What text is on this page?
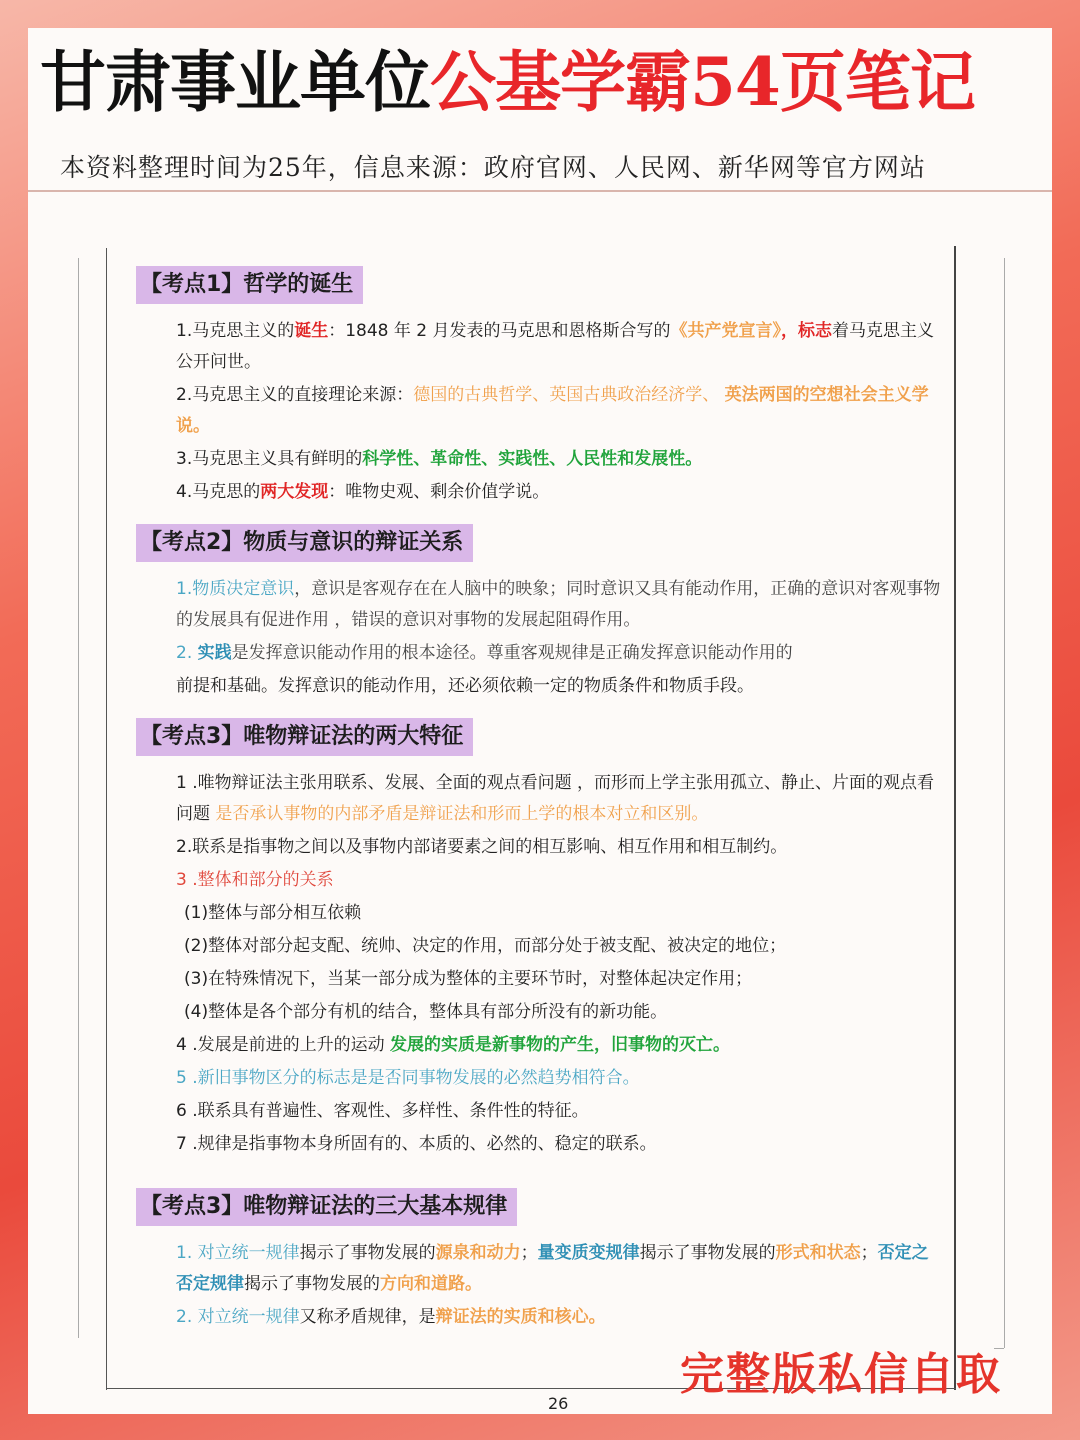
甘肃事业单位公基学霸54页笔记

本资料整理时间为25年，信息来源：政府官网、人民网、新华网等官方网站

【考点1】哲学的诞生

1.马克思主义的诞生：1848 年 2 月发表的马克思和恩格斯合写的《共产党宣言》，标志着马克思主义公开问世。

2.马克思主义的直接理论来源：德国的古典哲学、英国古典政治经济学、 英法两国的空想社会主义学说。

3.马克思主义具有鲜明的科学性、革命性、实践性、人民性和发展性。

4.马克思的两大发现：唯物史观、剩余价值学说。

【考点2】物质与意识的辩证关系

1.物质决定意识，意识是客观存在在人脑中的映象；同时意识又具有能动作用，正确的意识对客观事物的发展具有促进作用 ，错误的意识对事物的发展起阻碍作用。

2. 实践是发挥意识能动作用的根本途径。尊重客观规律是正确发挥意识能动作用的

前提和基础。发挥意识的能动作用，还必须依赖一定的物质条件和物质手段。

【考点3】唯物辩证法的两大特征

1 .唯物辩证法主张用联系、发展、全面的观点看问题 ，而形而上学主张用孤立、静止、片面的观点看问题 是否承认事物的内部矛盾是辩证法和形而上学的根本对立和区别。

2.联系是指事物之间以及事物内部诸要素之间的相互影响、相互作用和相互制约。

3 .整体和部分的关系

(1)整体与部分相互依赖

(2)整体对部分起支配、统帅、决定的作用，而部分处于被支配、被决定的地位；

(3)在特殊情况下，当某一部分成为整体的主要环节时，对整体起决定作用；

(4)整体是各个部分有机的结合，整体具有部分所没有的新功能。

4 .发展是前进的上升的运动 发展的实质是新事物的产生，旧事物的灭亡。

5 .新旧事物区分的标志是是否同事物发展的必然趋势相符合。

6 .联系具有普遍性、客观性、多样性、条件性的特征。

7 .规律是指事物本身所固有的、本质的、必然的、稳定的联系。

【考点3】唯物辩证法的三大基本规律

1. 对立统一规律揭示了事物发展的源泉和动力；量变质变规律揭示了事物发展的形式和状态；否定之否定规律揭示了事物发展的方向和道路。

2. 对立统一规律又称矛盾规律，是辩证法的实质和核心。

26
完整版私信自取
